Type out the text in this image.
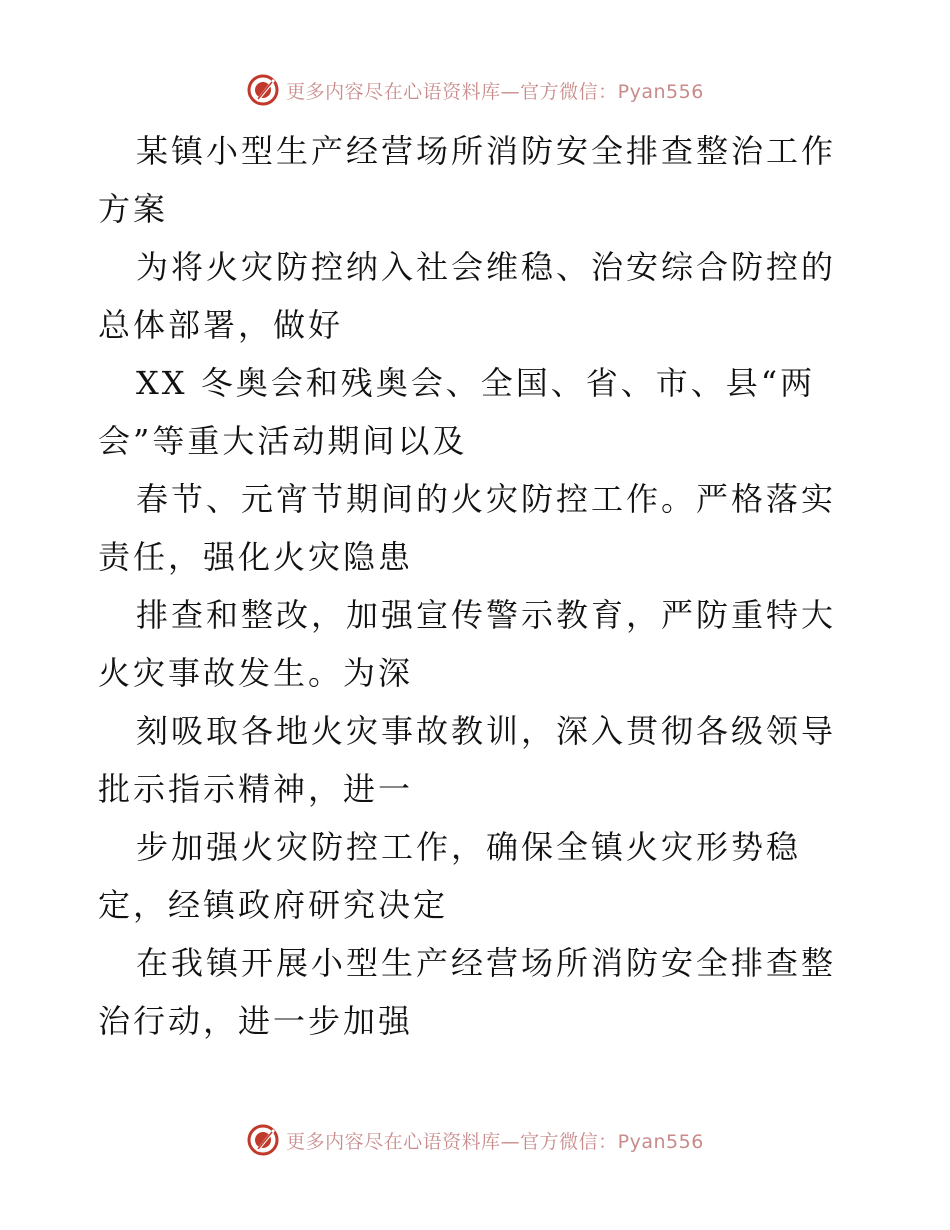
更多内容尽在心语资料库—官方微信：Pyan556

某镇小型生产经营场所消防安全排查整治工作方案

为将火灾防控纳入社会维稳、治安综合防控的总体部署，做好

XX 冬奥会和残奥会、全国、省、市、县“两 会”等重大活动期间以及

春节、元宵节期间的火灾防控工作。严格落实责任，强化火灾隐患

排查和整改，加强宣传警示教育，严防重特大火灾事故发生。为深

刻吸取各地火灾事故教训，深入贯彻各级领导批示指示精神，进一

步加强火灾防控工作，确保全镇火灾形势稳定，经镇政府研究决定

在我镇开展小型生产经营场所消防安全排查整治行动，进一步加强

更多内容尽在心语资料库—官方微信：Pyan556
